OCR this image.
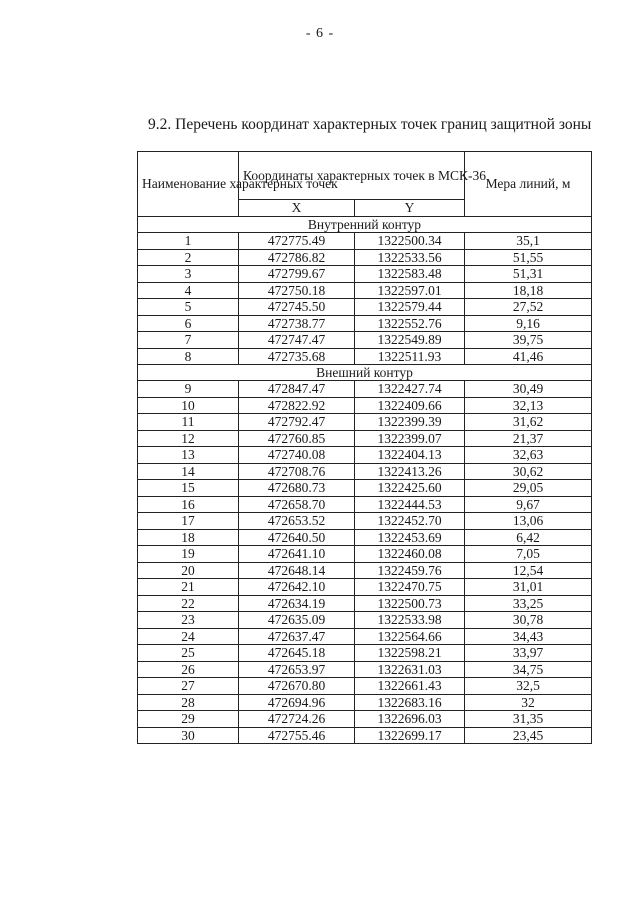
- 6 -
9.2. Перечень координат характерных точек границ защитной зоны
Наименование характерных точек	Координаты характерных точек в МСК-36		Мера линий, м
	X	Y	
Внутренний контур			
1	472775.49	1322500.34	35,1
2	472786.82	1322533.56	51,55
3	472799.67	1322583.48	51,31
4	472750.18	1322597.01	18,18
5	472745.50	1322579.44	27,52
6	472738.77	1322552.76	9,16
7	472747.47	1322549.89	39,75
8	472735.68	1322511.93	41,46
Внешний контур			
9	472847.47	1322427.74	30,49
10	472822.92	1322409.66	32,13
11	472792.47	1322399.39	31,62
12	472760.85	1322399.07	21,37
13	472740.08	1322404.13	32,63
14	472708.76	1322413.26	30,62
15	472680.73	1322425.60	29,05
16	472658.70	1322444.53	9,67
17	472653.52	1322452.70	13,06
18	472640.50	1322453.69	6,42
19	472641.10	1322460.08	7,05
20	472648.14	1322459.76	12,54
21	472642.10	1322470.75	31,01
22	472634.19	1322500.73	33,25
23	472635.09	1322533.98	30,78
24	472637.47	1322564.66	34,43
25	472645.18	1322598.21	33,97
26	472653.97	1322631.03	34,75
27	472670.80	1322661.43	32,5
28	472694.96	1322683.16	32
29	472724.26	1322696.03	31,35
30	472755.46	1322699.17	23,45
